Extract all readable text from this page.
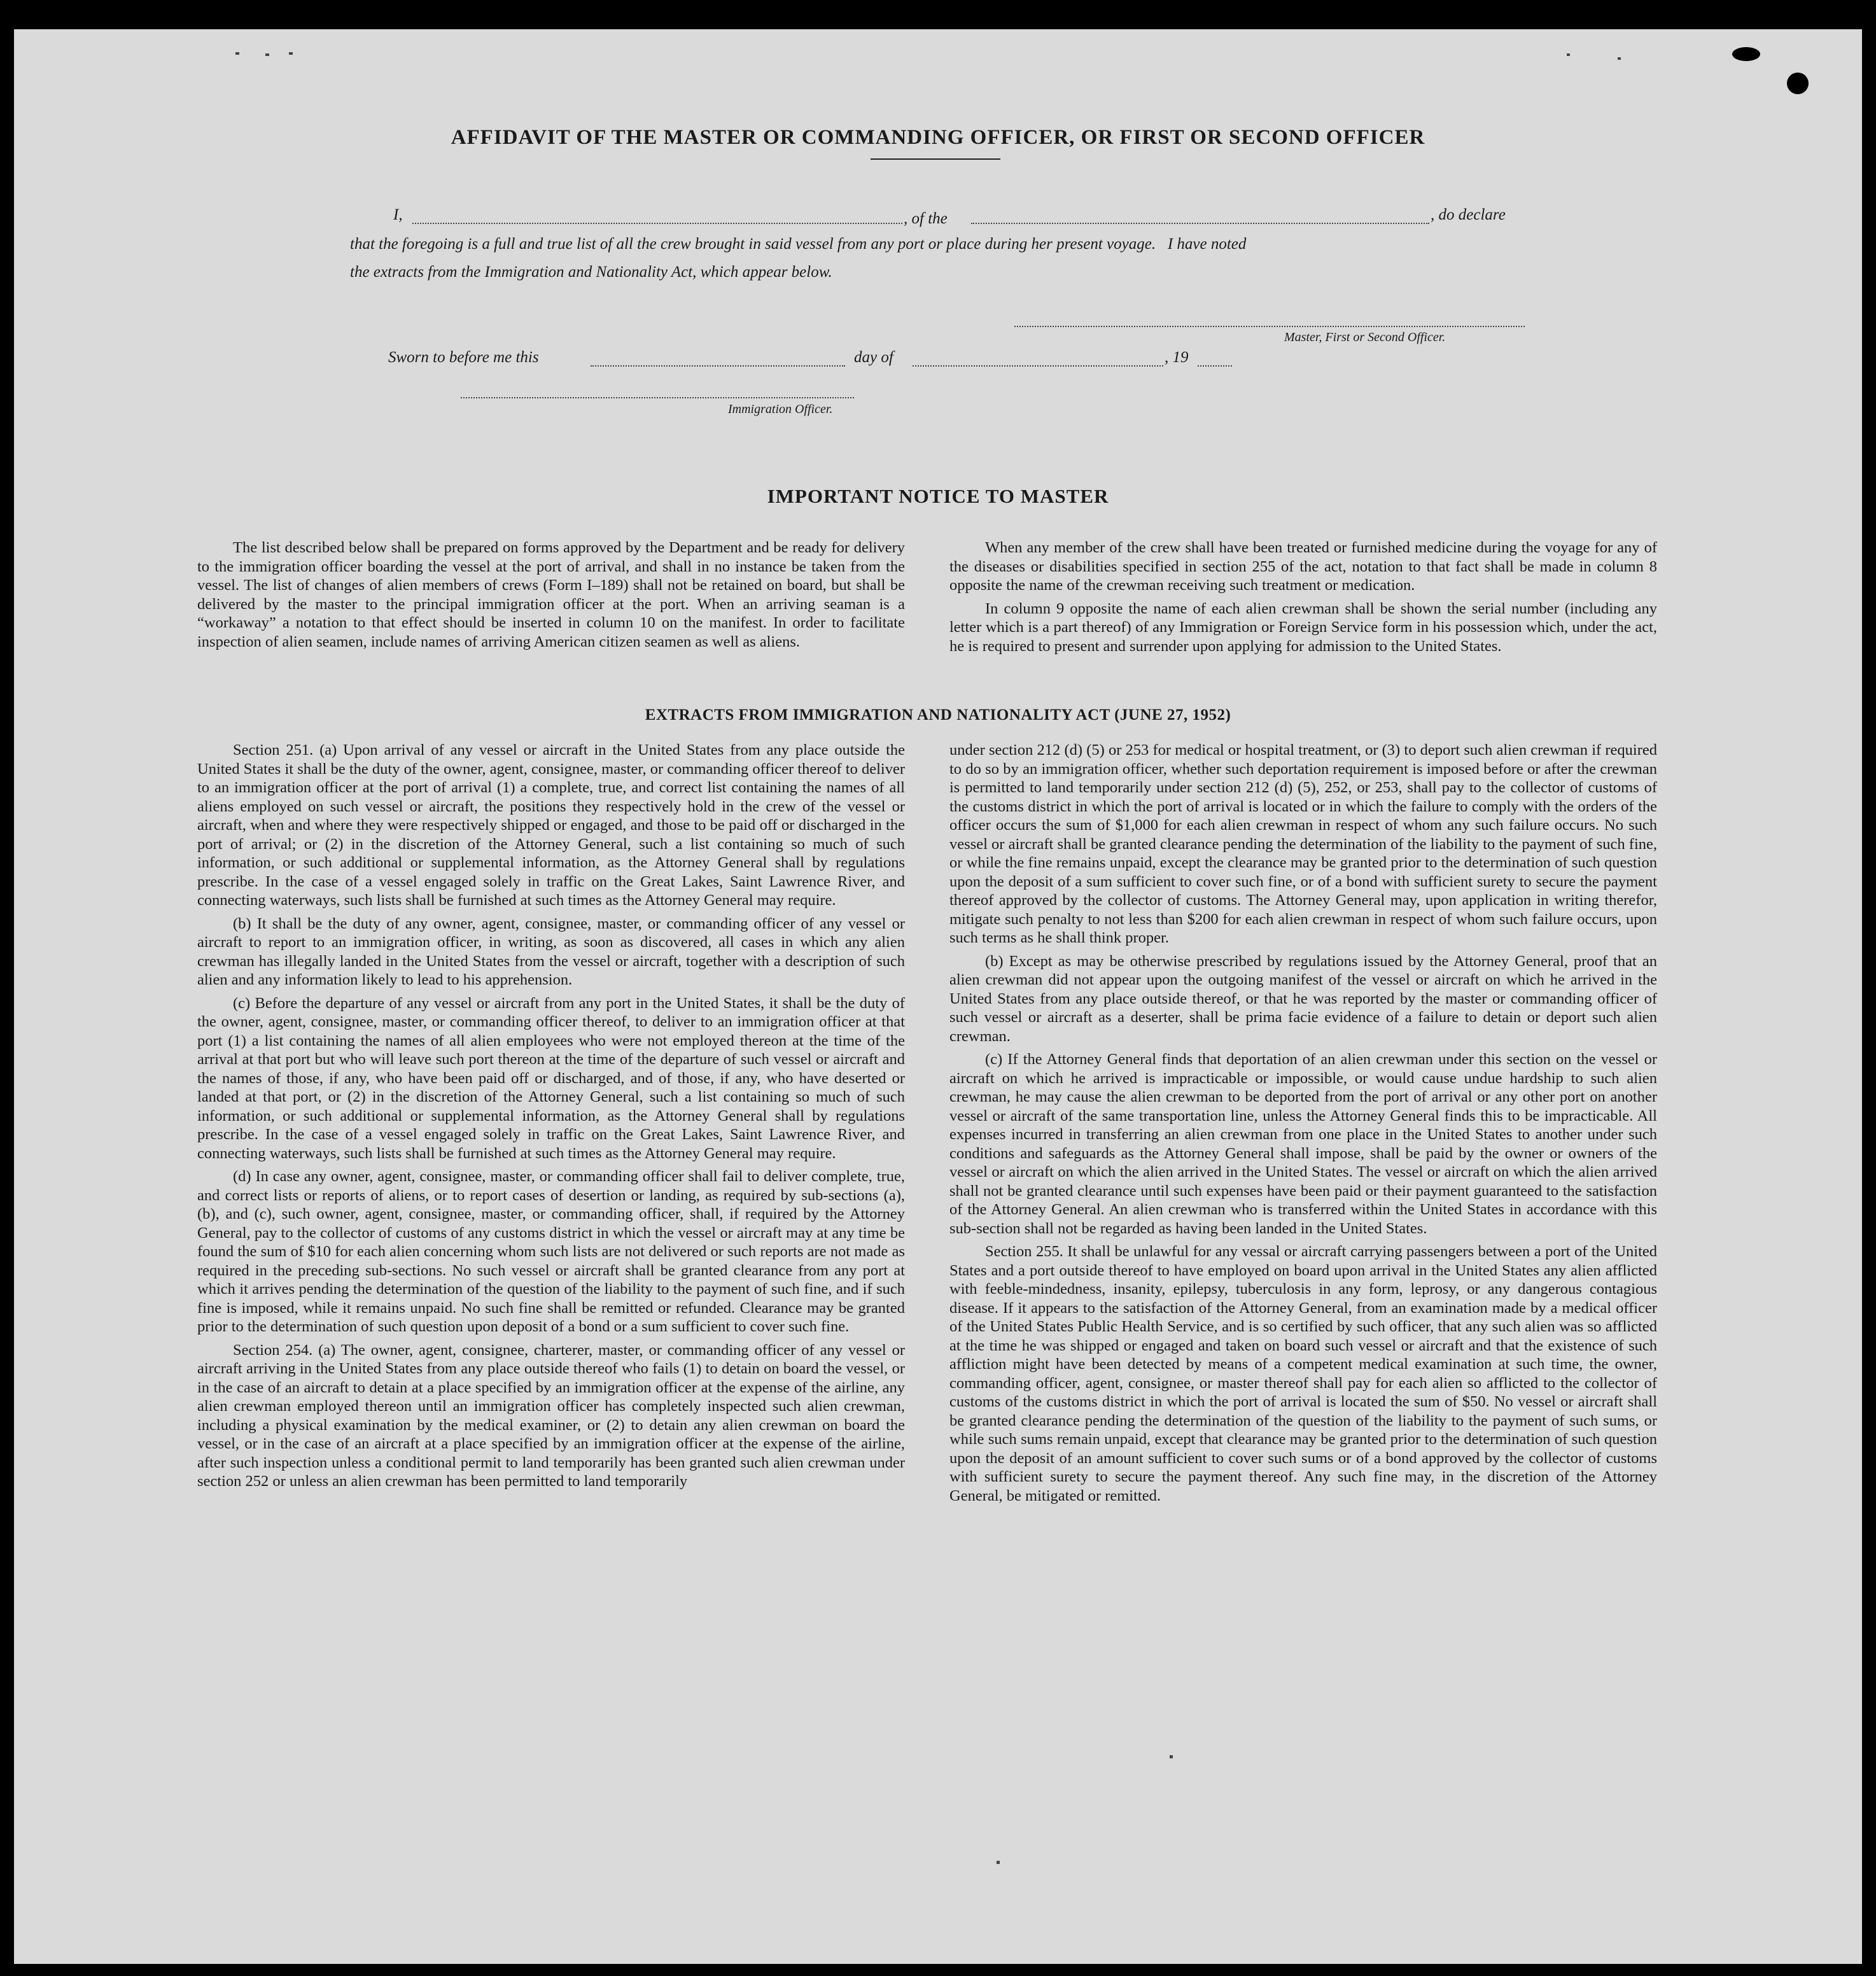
AFFIDAVIT OF THE MASTER OR COMMANDING OFFICER, OR FIRST OR SECOND OFFICER
I,	, of the	, do declare
that the foregoing is a full and true list of all the crew brought in said vessel from any port or place during her present voyage.   I have noted
the extracts from the Immigration and Nationality Act, which appear below.
Master, First or Second Officer.
Sworn to before me this	day of	, 19
Immigration Officer.
IMPORTANT NOTICE TO MASTER

The list described below shall be prepared on forms approved by the Department and be ready for delivery to the immigration officer boarding the vessel at the port of arrival, and shall in no instance be taken from the vessel. The list of changes of alien members of crews (Form I–189) shall not be retained on board, but shall be delivered by the master to the principal immigration officer at the port. When an arriving seaman is a “workaway” a notation to that effect should be inserted in column 10 on the manifest. In order to facilitate inspection of alien seamen, include names of arriving American citizen seamen as well as aliens.

When any member of the crew shall have been treated or furnished medicine during the voyage for any of the diseases or disabilities specified in section 255 of the act, notation to that fact shall be made in column 8 opposite the name of the crewman receiving such treatment or medication.

In column 9 opposite the name of each alien crewman shall be shown the serial number (including any letter which is a part thereof) of any Immigration or Foreign Service form in his possession which, under the act, he is required to present and surrender upon applying for admission to the United States.

EXTRACTS FROM IMMIGRATION AND NATIONALITY ACT (JUNE 27, 1952)

Section 251. (a) Upon arrival of any vessel or aircraft in the United States from any place outside the United States it shall be the duty of the owner, agent, consignee, master, or commanding officer thereof to deliver to an immigration officer at the port of arrival (1) a complete, true, and correct list containing the names of all aliens employed on such vessel or aircraft, the positions they respectively hold in the crew of the vessel or aircraft, when and where they were respectively shipped or engaged, and those to be paid off or discharged in the port of arrival; or (2) in the discretion of the Attorney General, such a list containing so much of such information, or such additional or supplemental information, as the Attorney General shall by regulations prescribe. In the case of a vessel engaged solely in traffic on the Great Lakes, Saint Lawrence River, and connecting waterways, such lists shall be furnished at such times as the Attorney General may require.

(b) It shall be the duty of any owner, agent, consignee, master, or commanding officer of any vessel or aircraft to report to an immigration officer, in writing, as soon as discovered, all cases in which any alien crewman has illegally landed in the United States from the vessel or aircraft, together with a description of such alien and any information likely to lead to his apprehension.

(c) Before the departure of any vessel or aircraft from any port in the United States, it shall be the duty of the owner, agent, consignee, master, or commanding officer thereof, to deliver to an immigration officer at that port (1) a list containing the names of all alien employees who were not employed thereon at the time of the arrival at that port but who will leave such port thereon at the time of the departure of such vessel or aircraft and the names of those, if any, who have been paid off or discharged, and of those, if any, who have deserted or landed at that port, or (2) in the discretion of the Attorney General, such a list containing so much of such information, or such additional or supplemental information, as the Attorney General shall by regulations prescribe. In the case of a vessel engaged solely in traffic on the Great Lakes, Saint Lawrence River, and connecting waterways, such lists shall be furnished at such times as the Attorney General may require.

(d) In case any owner, agent, consignee, master, or commanding officer shall fail to deliver complete, true, and correct lists or reports of aliens, or to report cases of desertion or landing, as required by sub-sections (a), (b), and (c), such owner, agent, consignee, master, or commanding officer, shall, if required by the Attorney General, pay to the collector of customs of any customs district in which the vessel or aircraft may at any time be found the sum of $10 for each alien concerning whom such lists are not delivered or such reports are not made as required in the preceding sub-sections. No such vessel or aircraft shall be granted clearance from any port at which it arrives pending the determination of the question of the liability to the payment of such fine, and if such fine is imposed, while it remains unpaid. No such fine shall be remitted or refunded. Clearance may be granted prior to the determination of such question upon deposit of a bond or a sum sufficient to cover such fine.

Section 254. (a) The owner, agent, consignee, charterer, master, or commanding officer of any vessel or aircraft arriving in the United States from any place outside thereof who fails (1) to detain on board the vessel, or in the case of an aircraft to detain at a place specified by an immigration officer at the expense of the airline, any alien crewman employed thereon until an immigration officer has completely inspected such alien crewman, including a physical examination by the medical examiner, or (2) to detain any alien crewman on board the vessel, or in the case of an aircraft at a place specified by an immigration officer at the expense of the airline, after such inspection unless a conditional permit to land temporarily has been granted such alien crewman under section 252 or unless an alien crewman has been permitted to land temporarily

under section 212 (d) (5) or 253 for medical or hospital treatment, or (3) to deport such alien crewman if required to do so by an immigration officer, whether such deportation requirement is imposed before or after the crewman is permitted to land temporarily under section 212 (d) (5), 252, or 253, shall pay to the collector of customs of the customs district in which the port of arrival is located or in which the failure to comply with the orders of the officer occurs the sum of $1,000 for each alien crewman in respect of whom any such failure occurs. No such vessel or aircraft shall be granted clearance pending the determination of the liability to the payment of such fine, or while the fine remains unpaid, except the clearance may be granted prior to the determination of such question upon the deposit of a sum sufficient to cover such fine, or of a bond with sufficient surety to secure the payment thereof approved by the collector of customs. The Attorney General may, upon application in writing therefor, mitigate such penalty to not less than $200 for each alien crewman in respect of whom such failure occurs, upon such terms as he shall think proper.

(b) Except as may be otherwise prescribed by regulations issued by the Attorney General, proof that an alien crewman did not appear upon the outgoing manifest of the vessel or aircraft on which he arrived in the United States from any place outside thereof, or that he was reported by the master or commanding officer of such vessel or aircraft as a deserter, shall be prima facie evidence of a failure to detain or deport such alien crewman.

(c) If the Attorney General finds that deportation of an alien crewman under this section on the vessel or aircraft on which he arrived is impracticable or impossible, or would cause undue hardship to such alien crewman, he may cause the alien crewman to be deported from the port of arrival or any other port on another vessel or aircraft of the same transportation line, unless the Attorney General finds this to be impracticable. All expenses incurred in transferring an alien crewman from one place in the United States to another under such conditions and safeguards as the Attorney General shall impose, shall be paid by the owner or owners of the vessel or aircraft on which the alien arrived in the United States. The vessel or aircraft on which the alien arrived shall not be granted clearance until such expenses have been paid or their payment guaranteed to the satisfaction of the Attorney General. An alien crewman who is transferred within the United States in accordance with this sub-section shall not be regarded as having been landed in the United States.

Section 255. It shall be unlawful for any vessal or aircraft carrying passengers between a port of the United States and a port outside thereof to have employed on board upon arrival in the United States any alien afflicted with feeble-mindedness, insanity, epilepsy, tuberculosis in any form, leprosy, or any dangerous contagious disease. If it appears to the satisfaction of the Attorney General, from an examination made by a medical officer of the United States Public Health Service, and is so certified by such officer, that any such alien was so afflicted at the time he was shipped or engaged and taken on board such vessel or aircraft and that the existence of such affliction might have been detected by means of a competent medical examination at such time, the owner, commanding officer, agent, consignee, or master thereof shall pay for each alien so afflicted to the collector of customs of the customs district in which the port of arrival is located the sum of $50. No vessel or aircraft shall be granted clearance pending the determination of the question of the liability to the payment of such sums, or while such sums remain unpaid, except that clearance may be granted prior to the determination of such question upon the deposit of an amount sufficient to cover such sums or of a bond approved by the collector of customs with sufficient surety to secure the payment thereof. Any such fine may, in the discretion of the Attorney General, be mitigated or remitted.
